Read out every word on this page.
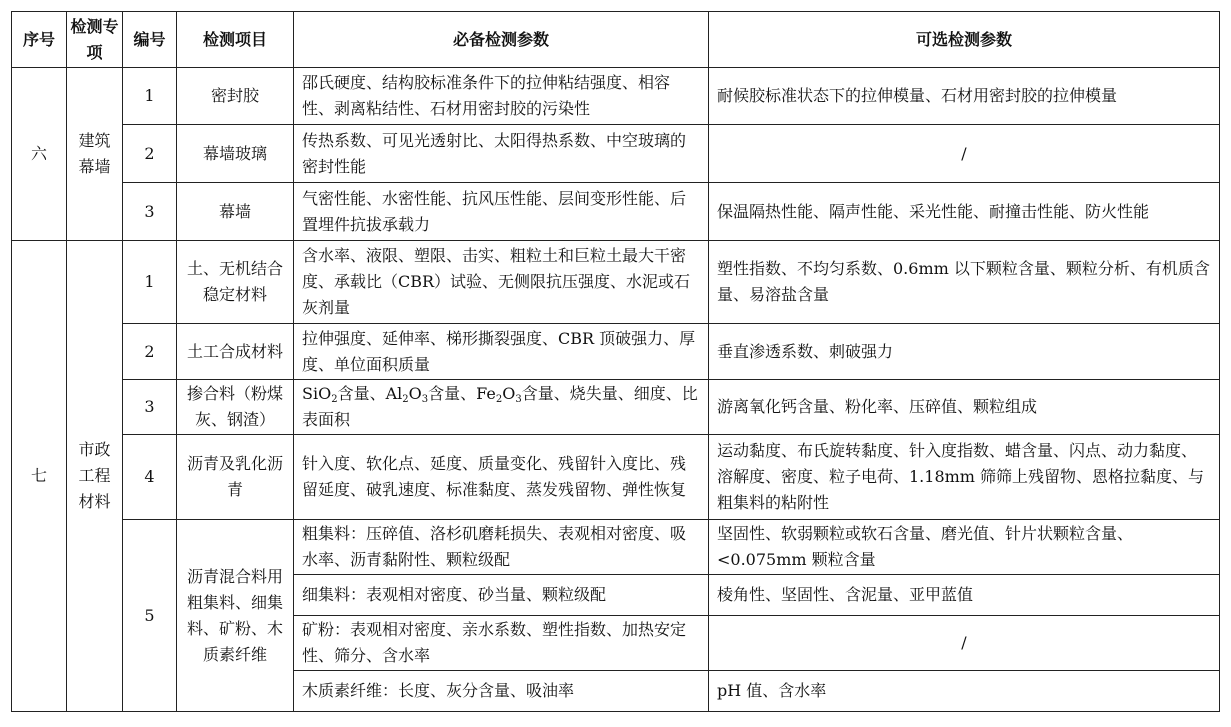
序号	检测专项	编号	检测项目	必备检测参数	可选检测参数
六	建筑幕墙	1	密封胶	邵氏硬度、结构胶标准条件下的拉伸粘结强度、相容性、剥离粘结性、石材用密封胶的污染性	耐候胶标准状态下的拉伸模量、石材用密封胶的拉伸模量
		2	幕墙玻璃	传热系数、可见光透射比、太阳得热系数、中空玻璃的密封性能	/
		3	幕墙	气密性能、水密性能、抗风压性能、层间变形性能、后置埋件抗拔承载力	保温隔热性能、隔声性能、采光性能、耐撞击性能、防火性能
七	市政工程材料	1	土、无机结合稳定材料	含水率、液限、塑限、击实、粗粒土和巨粒土最大干密度、承载比（CBR）试验、无侧限抗压强度、水泥或石灰剂量	塑性指数、不均匀系数、0.6mm 以下颗粒含量、颗粒分析、有机质含量、易溶盐含量
		2	土工合成材料	拉伸强度、延伸率、梯形撕裂强度、CBR 顶破强力、厚度、单位面积质量	垂直渗透系数、刺破强力
		3	掺合料（粉煤灰、钢渣）	SiO$_2$含量、$Al_2O_3$含量、$Fe_2O_3$含量、烧失量、细度、比表面积	游离氧化钙含量、粉化率、压碎值、颗粒组成
		4	沥青及乳化沥青	针入度、软化点、延度、质量变化、残留针入度比、残留延度、破乳速度、标准黏度、蒸发残留物、弹性恢复	运动黏度、布氏旋转黏度、针入度指数、蜡含量、闪点、动力黏度、溶解度、密度、粒子电荷、1.18mm 筛筛上残留物、恩格拉黏度、与粗集料的粘附性
		5	沥青混合料用粗集料、细集料、矿粉、木质素纤维	粗集料：压碎值、洛杉矶磨耗损失、表观相对密度、吸水率、沥青黏附性、颗粒级配	坚固性、软弱颗粒或软石含量、磨光值、针片状颗粒含量、<0.075mm 颗粒含量
				细集料：表观相对密度、砂当量、颗粒级配	棱角性、坚固性、含泥量、亚甲蓝值
				矿粉：表观相对密度、亲水系数、塑性指数、加热安定性、筛分、含水率	/
				木质素纤维：长度、灰分含量、吸油率	pH 值、含水率
